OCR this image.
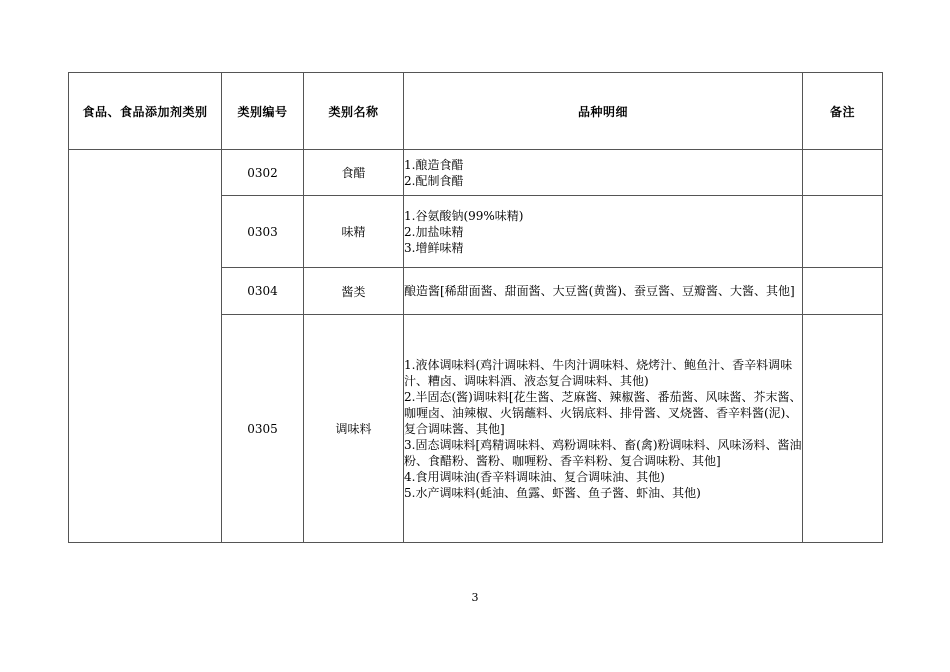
食品、食品添加剂类别	类别编号	类别名称	品种明细	备注
	0302	食醋	1.酿造食醋
2.配制食醋	

	0303	味精	1.谷氨酸钠(99%味精)
2.加盐味精
3.增鲜味精	

	0304	酱类	酿造酱[稀甜面酱、甜面酱、大豆酱(黄酱)、蚕豆酱、豆瓣酱、大酱、其他]	

	0305	调味料	1.液体调味料(鸡汁调味料、牛肉汁调味料、烧烤汁、鲍鱼汁、香辛料调味汁、糟卤、调味料酒、液态复合调味料、其他)
2.半固态(酱)调味料[花生酱、芝麻酱、辣椒酱、番茄酱、风味酱、芥末酱、咖喱卤、油辣椒、火锅蘸料、火锅底料、排骨酱、叉烧酱、香辛料酱(泥)、复合调味酱、其他]
3.固态调味料[鸡精调味料、鸡粉调味料、畜(禽)粉调味料、风味汤料、酱油粉、食醋粉、酱粉、咖喱粉、香辛料粉、复合调味粉、其他]
4.食用调味油(香辛料调味油、复合调味油、其他)
5.水产调味料(蚝油、鱼露、虾酱、鱼子酱、虾油、其他)	

3
